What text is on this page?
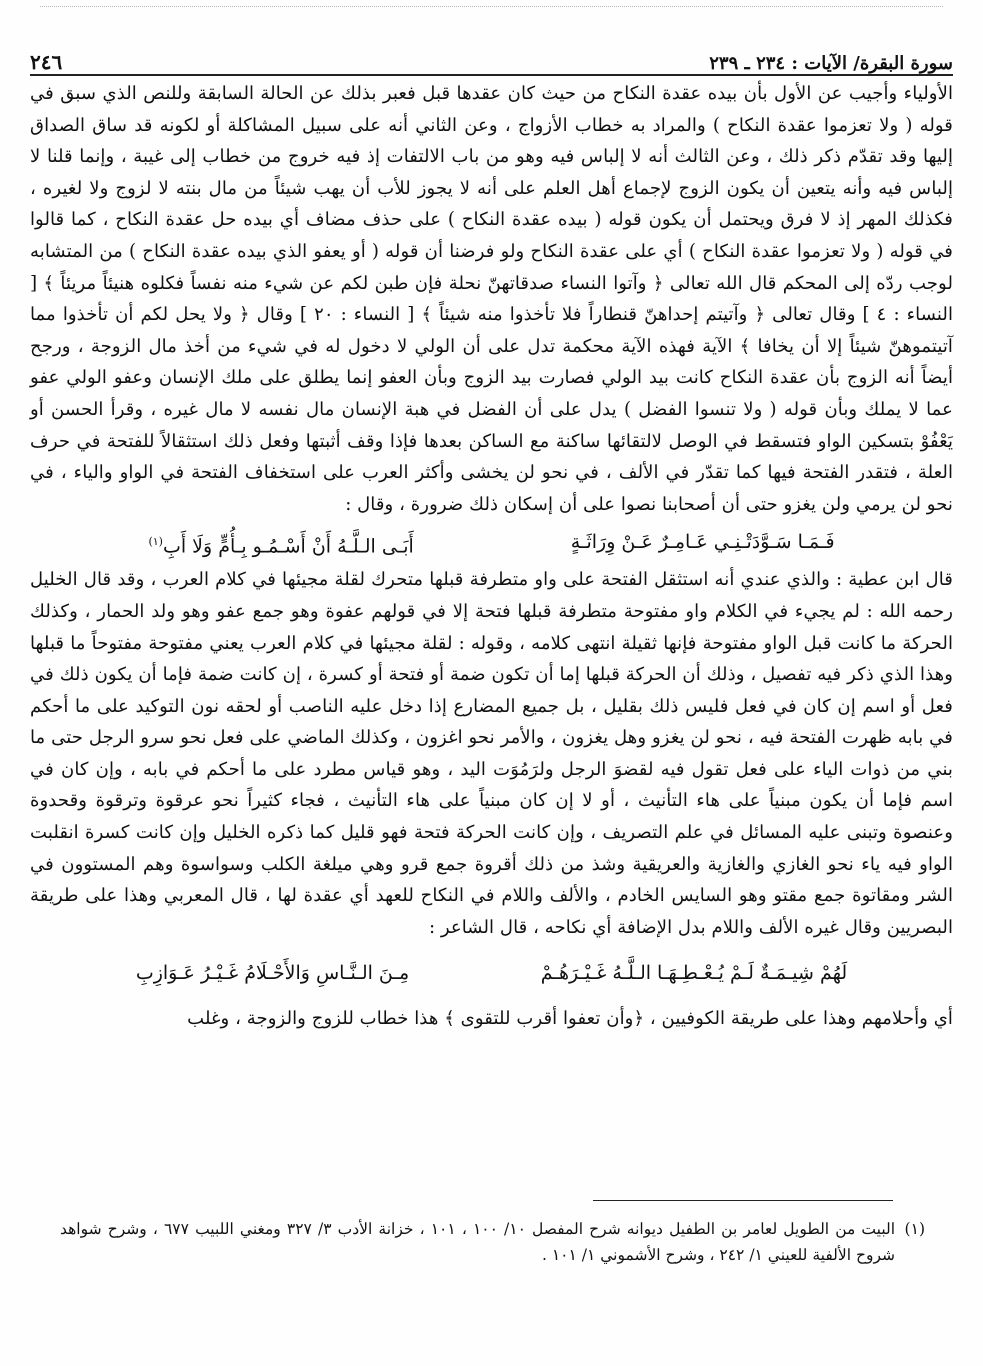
سورة البقرة/ الآيات : ٢٣٤ ـ ٢٣٩
٢٤٦

الأولياء وأجيب عن الأول بأن بيده عقدة النكاح من حيث كان عقدها قبل فعبر بذلك عن الحالة السابقة وللنص الذي سبق في قوله ( ولا تعزموا عقدة النكاح ) والمراد به خطاب الأزواج ، وعن الثاني أنه على سبيل المشاكلة أو لكونه قد ساق الصداق إليها وقد تقدّم ذكر ذلك ، وعن الثالث أنه لا إلباس فيه وهو من باب الالتفات إذ فيه خروج من خطاب إلى غيبة ، وإنما قلنا لا إلباس فيه وأنه يتعين أن يكون الزوج لإجماع أهل العلم على أنه لا يجوز للأب أن يهب شيئاً من مال بنته لا لزوج ولا لغيره ، فكذلك المهر إذ لا فرق ويحتمل أن يكون قوله ( بيده عقدة النكاح ) على حذف مضاف أي بيده حل عقدة النكاح ، كما قالوا في قوله ( ولا تعزموا عقدة النكاح ) أي على عقدة النكاح ولو فرضنا أن قوله ( أو يعفو الذي بيده عقدة النكاح ) من المتشابه لوجب ردّه إلى المحكم قال الله تعالى ﴿ وآتوا النساء صدقاتهنّ نحلة فإن طبن لكم عن شيء منه نفساً فكلوه هنيئاً مريئاً ﴾ [ النساء : ٤ ] وقال تعالى ﴿ وآتيتم إحداهنّ قنطاراً فلا تأخذوا منه شيئاً ﴾ [ النساء : ٢٠ ] وقال ﴿ ولا يحل لكم أن تأخذوا مما آتيتموهنّ شيئاً إلا أن يخافا ﴾ الآية فهذه الآية محكمة تدل على أن الولي لا دخول له في شيء من أخذ مال الزوجة ، ورجح أيضاً أنه الزوج بأن عقدة النكاح كانت بيد الولي فصارت بيد الزوج وبأن العفو إنما يطلق على ملك الإنسان وعفو الولي عفو عما لا يملك وبأن قوله ( ولا تنسوا الفضل ) يدل على أن الفضل في هبة الإنسان مال نفسه لا مال غيره ، وقرأ الحسن أو يَعْفُوْ بتسكين الواو فتسقط في الوصل لالتقائها ساكنة مع الساكن بعدها فإذا وقف أثبتها وفعل ذلك استثقالاً للفتحة في حرف العلة ، فتقدر الفتحة فيها كما تقدّر في الألف ، في نحو لن يخشى وأكثر العرب على استخفاف الفتحة في الواو والياء ، في نحو لن يرمي ولن يغزو حتى أن أصحابنا نصوا على أن إسكان ذلك ضرورة ، وقال :

فَـمَـا سَـوَّدَتْـنِـي عَـامِـرٌ عَـنْ وِرَاثَـةٍ
أَبَـى الـلَّـهُ أَنْ أَسْـمُـو بِـأُمٍّ وَلَا أَبِ$^{(١)}$

قال ابن عطية : والذي عندي أنه استثقل الفتحة على واو متطرفة قبلها متحرك لقلة مجيئها في كلام العرب ، وقد قال الخليل رحمه الله : لم يجيء في الكلام واو مفتوحة متطرفة قبلها فتحة إلا في قولهم عفوة وهو جمع عفو وهو ولد الحمار ، وكذلك الحركة ما كانت قبل الواو مفتوحة فإنها ثقيلة انتهى كلامه ، وقوله : لقلة مجيئها في كلام العرب يعني مفتوحة مفتوحاً ما قبلها وهذا الذي ذكر فيه تفصيل ، وذلك أن الحركة قبلها إما أن تكون ضمة أو فتحة أو كسرة ، إن كانت ضمة فإما أن يكون ذلك في فعل أو اسم إن كان في فعل فليس ذلك بقليل ، بل جميع المضارع إذا دخل عليه الناصب أو لحقه نون التوكيد على ما أحكم في بابه ظهرت الفتحة فيه ، نحو لن يغزو وهل يغزون ، والأمر نحو اغزون ، وكذلك الماضي على فعل نحو سرو الرجل حتى ما بني من ذوات الياء على فعل تقول فيه لقضوَ الرجل ولرَمُوَت اليد ، وهو قياس مطرد على ما أحكم في بابه ، وإن كان في اسم فإما أن يكون مبنياً على هاء التأنيث ، أو لا إن كان مبنياً على هاء التأنيث ، فجاء كثيراً نحو عرقوة وترقوة وقحدوة وعنصوة وتبنى عليه المسائل في علم التصريف ، وإن كانت الحركة فتحة فهو قليل كما ذكره الخليل وإن كانت كسرة انقلبت الواو فيه ياء نحو الغازي والغازية والعريقية وشذ من ذلك أقروة جمع قرو وهي ميلغة الكلب وسواسوة وهم المستوون في الشر ومقاتوة جمع مقتو وهو السايس الخادم ، والألف واللام في النكاح للعهد أي عقدة لها ، قال المعربي وهذا على طريقة البصريين وقال غيره الألف واللام بدل الإضافة أي نكاحه ، قال الشاعر :

لَهُمْ شِيـمَـةٌ لَـمْ يُـعْـطِـهَـا الـلَّـهُ غَـيْـرَهُـمْ
مِـنَ الـنَّـاسِ وَالأَحْـلَامُ غَـيْـرُ عَـوَازِبِ

أي وأحلامهم وهذا على طريقة الكوفيين ، ﴿وأن تعفوا أقرب للتقوى ﴾ هذا خطاب للزوج والزوجة ، وغلب

(١)
البيت من الطويل لعامر بن الطفيل ديوانه شرح المفصل ١٠/ ١٠٠ ، ١٠١ ، خزانة الأدب ٣/ ٣٢٧ ومغني اللبيب ٦٧٧ ، وشرح شواهد شروح الألفية للعيني ١/ ٢٤٢ ، وشرح الأشموني ١/ ١٠١ .
